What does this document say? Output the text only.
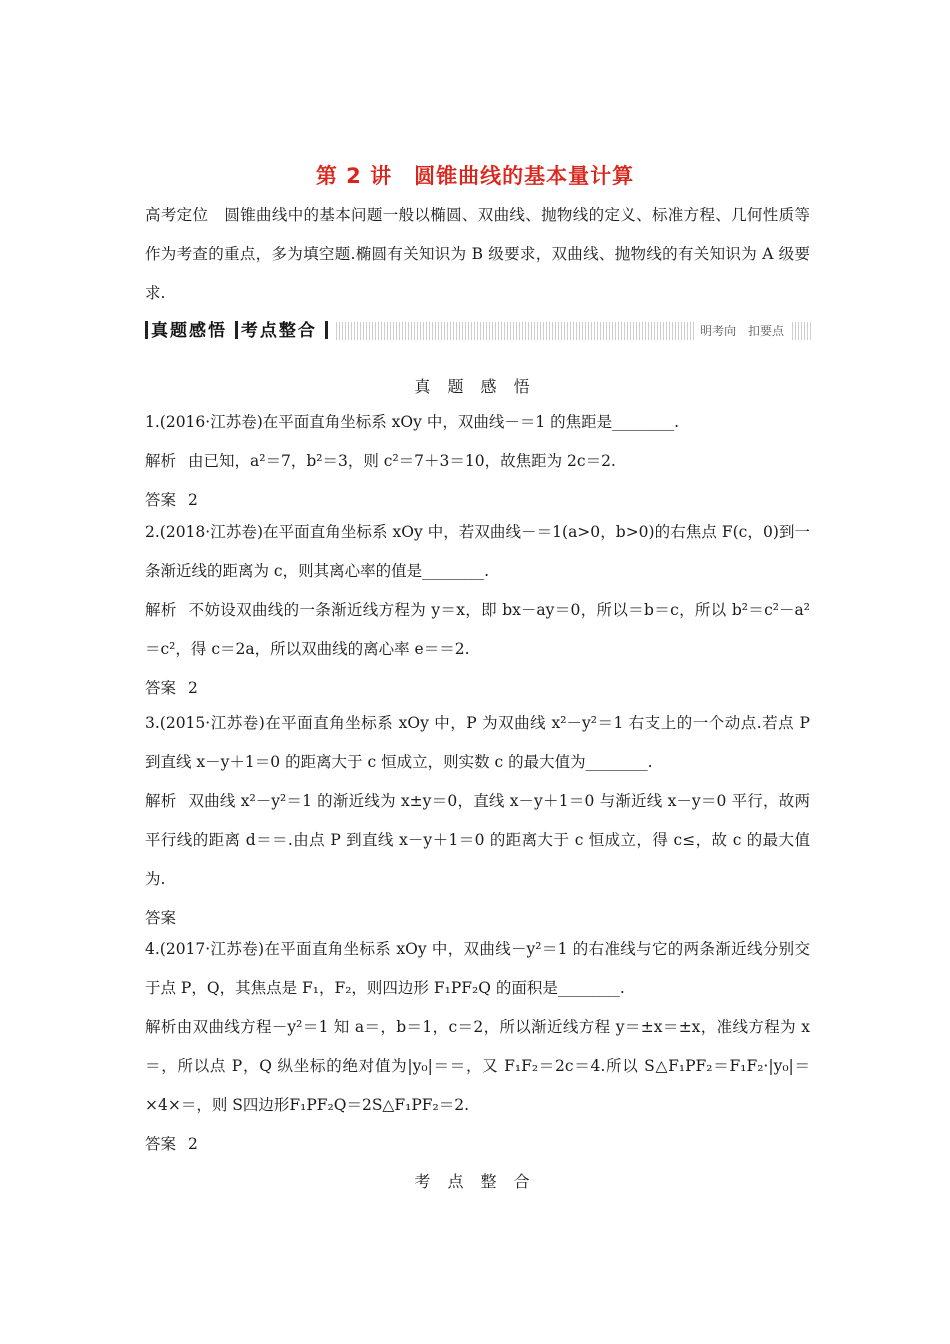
第 2 讲　圆锥曲线的基本量计算
高考定位 圆锥曲线中的基本问题一般以椭圆、双曲线、抛物线的定义、标准方程、几何性质等作为考查的重点，多为填空题.椭圆有关知识为 B 级要求，双曲线、抛物线的有关知识为 A 级要求.
真题感悟 考点整合	明考向 扣要点
真 题 感 悟

1.(2016·江苏卷)在平面直角坐标系 xOy 中，双曲线－＝1 的焦距是________.

解析 由已知，a²＝7，b²＝3，则 c²＝7＋3＝10，故焦距为 2c＝2.

答案 2

2.(2018·江苏卷)在平面直角坐标系 xOy 中，若双曲线－＝1(a>0，b>0)的右焦点 F(c，0)到一条渐近线的距离为 c，则其离心率的值是________.

解析 不妨设双曲线的一条渐近线方程为 y＝x，即 bx－ay＝0，所以＝b＝c，所以 b²＝c²－a²＝c²，得 c＝2a，所以双曲线的离心率 e＝＝2.

答案 2

3.(2015·江苏卷)在平面直角坐标系 xOy 中，P 为双曲线 x²－y²＝1 右支上的一个动点.若点 P 到直线 x－y＋1＝0 的距离大于 c 恒成立，则实数 c 的最大值为________.

解析 双曲线 x²－y²＝1 的渐近线为 x±y＝0，直线 x－y＋1＝0 与渐近线 x－y＝0 平行，故两平行线的距离 d＝＝.由点 P 到直线 x－y＋1＝0 的距离大于 c 恒成立，得 c≤，故 c 的最大值为.

答案

4.(2017·江苏卷)在平面直角坐标系 xOy 中，双曲线－y²＝1 的右准线与它的两条渐近线分别交于点 P，Q，其焦点是 F₁，F₂，则四边形 F₁PF₂Q 的面积是________.

解析由双曲线方程－y²＝1 知 a＝，b＝1，c＝2，所以渐近线方程 y＝±x＝±x，准线方程为 x＝，所以点 P，Q 纵坐标的绝对值为|y₀|＝＝，又 F₁F₂＝2c＝4.所以 S△F₁PF₂＝F₁F₂·|y₀|＝×4×＝，则 S四边形F₁PF₂Q＝2S△F₁PF₂＝2.

答案 2

考 点 整 合
